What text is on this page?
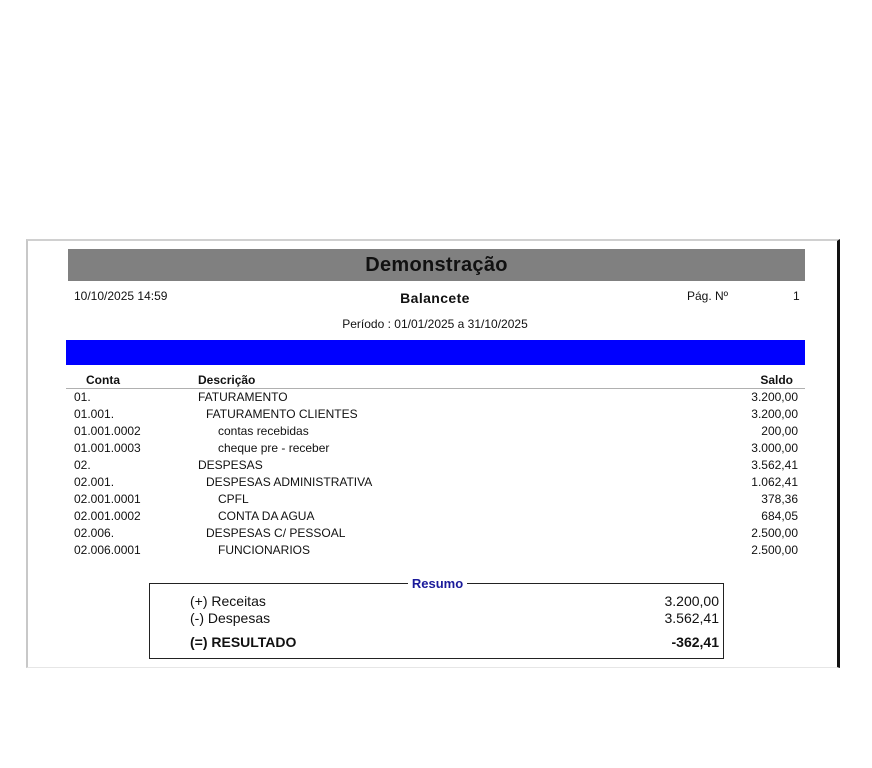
Demonstração
10/10/2025 14:59	Balancete	Pág. Nº	1
Período : 01/01/2025 a 31/10/2025
Conta	Descrição	Saldo
01.	FATURAMENTO	3.200,00
01.001.	FATURAMENTO CLIENTES	3.200,00
01.001.0002	contas recebidas	200,00
01.001.0003	cheque pre - receber	3.000,00
02.	DESPESAS	3.562,41
02.001.	DESPESAS ADMINISTRATIVA	1.062,41
02.001.0001	CPFL	378,36
02.001.0002	CONTA DA AGUA	684,05
02.006.	DESPESAS C/ PESSOAL	2.500,00
02.006.0001	FUNCIONARIOS	2.500,00
Resumo
(+) Receitas	3.200,00
(-) Despesas	3.562,41
(=) RESULTADO	-362,41
